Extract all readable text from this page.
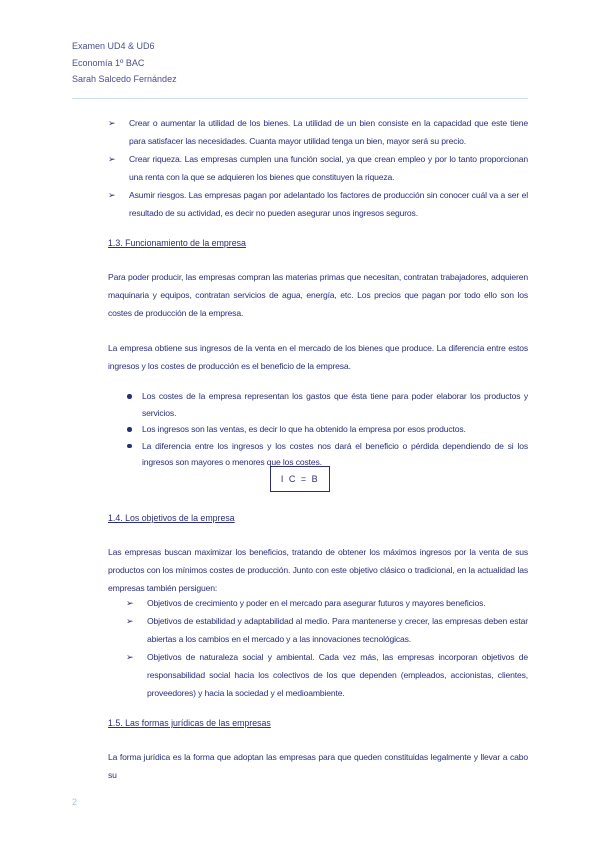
Examen UD4 & UD6
Economía 1º BAC
Sarah Salcedo Fernández
➢	Crear o aumentar la utilidad de los bienes. La utilidad de un bien consiste en la capacidad que este tiene para satisfacer las necesidades. Cuanta mayor utilidad tenga un bien, mayor será su precio.
➢	Crear riqueza. Las empresas cumplen una función social, ya que crean empleo y por lo tanto proporcionan una renta con la que se adquieren los bienes que constituyen la riqueza.
➢	Asumir riesgos. Las empresas pagan por adelantado los factores de producción sin conocer cuál va a ser el resultado de su actividad, es decir no pueden asegurar unos ingresos seguros.
1.3. Funcionamiento de la empresa

Para poder producir, las empresas compran las materias primas que necesitan, contratan trabajadores, adquieren maquinaria y equipos, contratan servicios de agua, energía, etc. Los precios que pagan por todo ello son los costes de producción de la empresa.

La empresa obtiene sus ingresos de la venta en el mercado de los bienes que produce. La diferencia entre estos ingresos y los costes de producción es el beneficio de la empresa.

Los costes de la empresa representan los gastos que ésta tiene para poder elaborar los productos y servicios.
Los ingresos son las ventas, es decir lo que ha obtenido la empresa por esos productos.
La diferencia entre los ingresos y los costes nos dará el beneficio o pérdida dependiendo de si los ingresos son mayores o menores que los costes.
I C = B
1.4. Los objetivos de la empresa

Las empresas buscan maximizar los beneficios, tratando de obtener los máximos ingresos por la venta de sus productos con los mínimos costes de producción. Junto con este objetivo clásico o tradicional, en la actualidad las empresas también persiguen:

➢	Objetivos de crecimiento y poder en el mercado para asegurar futuros y mayores beneficios.
➢	Objetivos de estabilidad y adaptabilidad al medio. Para mantenerse y crecer, las empresas deben estar abiertas a los cambios en el mercado y a las innovaciones tecnológicas.
➢	Objetivos de naturaleza social y ambiental. Cada vez más, las empresas incorporan objetivos de responsabilidad social hacia los colectivos de los que dependen (empleados, accionistas, clientes, proveedores) y hacia la sociedad y el medioambiente.
1.5. Las formas jurídicas de las empresas

La forma jurídica es la forma que adoptan las empresas para que queden constituidas legalmente y llevar a cabo su

2
